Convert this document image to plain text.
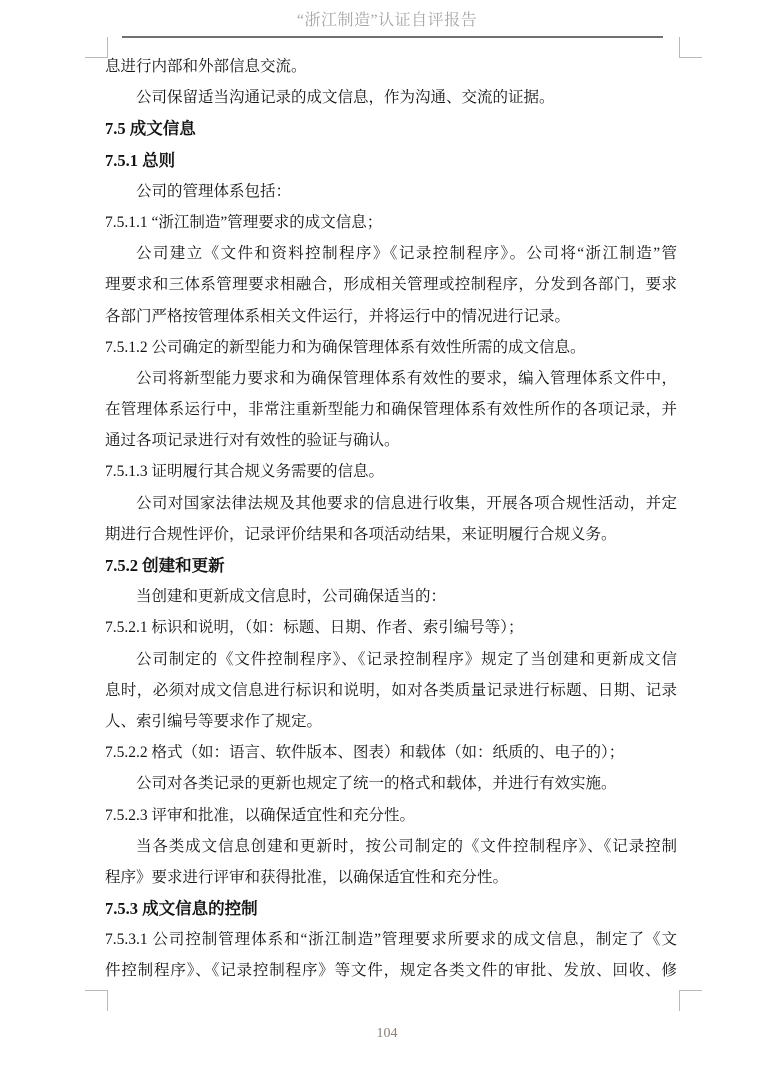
“浙江制造”认证自评报告
息进行内部和外部信息交流。
公司保留适当沟通记录的成文信息，作为沟通、交流的证据。
7.5 成文信息
7.5.1 总则
公司的管理体系包括：
7.5.1.1 “浙江制造”管理要求的成文信息；
公司建立《文件和资料控制程序》《记录控制程序》。公司将“浙江制造”管
理要求和三体系管理要求相融合，形成相关管理或控制程序，分发到各部门，要求
各部门严格按管理体系相关文件运行，并将运行中的情况进行记录。
7.5.1.2 公司确定的新型能力和为确保管理体系有效性所需的成文信息。
公司将新型能力要求和为确保管理体系有效性的要求，编入管理体系文件中，
在管理体系运行中，非常注重新型能力和确保管理体系有效性所作的各项记录，并
通过各项记录进行对有效性的验证与确认。
7.5.1.3 证明履行其合规义务需要的信息。
公司对国家法律法规及其他要求的信息进行收集，开展各项合规性活动，并定
期进行合规性评价，记录评价结果和各项活动结果，来证明履行合规义务。
7.5.2 创建和更新
当创建和更新成文信息时，公司确保适当的：
7.5.2.1 标识和说明，（如：标题、日期、作者、索引编号等）；
公司制定的《文件控制程序》、《记录控制程序》规定了当创建和更新成文信
息时，必须对成文信息进行标识和说明，如对各类质量记录进行标题、日期、记录
人、索引编号等要求作了规定。
7.5.2.2 格式（如：语言、软件版本、图表）和载体（如：纸质的、电子的）；
公司对各类记录的更新也规定了统一的格式和载体，并进行有效实施。
7.5.2.3 评审和批准，以确保适宜性和充分性。
当各类成文信息创建和更新时，按公司制定的《文件控制程序》、《记录控制
程序》要求进行评审和获得批准，以确保适宜性和充分性。
7.5.3 成文信息的控制
7.5.3.1 公司控制管理体系和“浙江制造”管理要求所要求的成文信息，制定了《文
件控制程序》、《记录控制程序》等文件，规定各类文件的审批、发放、回收、修
104
